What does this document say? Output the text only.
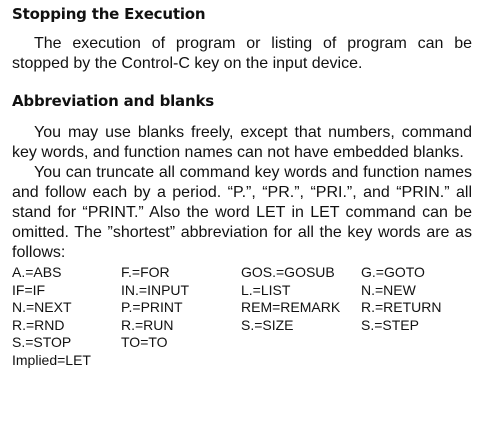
Stopping the Execution

The execution of program or listing of program can be stopped by the Control-C key on the input device.

Abbreviation and blanks

You may use blanks freely, except that numbers, command key words, and function names can not have embedded blanks.

You can truncate all command key words and function names and follow each by a period. “P.”, “PR.”, “PRI.”, and “PRIN.” all stand for “PRINT.” Also the word LET in LET command can be omitted. The ”shortest” abbreviation for all the key words are as follows:

A.=ABS	F.=FOR	GOS.=GOSUB	G.=GOTO
IF=IF	IN.=INPUT	L.=LIST	N.=NEW
N.=NEXT	P.=PRINT	REM=REMARK	R.=RETURN
R.=RND	R.=RUN	S.=SIZE	S.=STEP
S.=STOP	TO=TO
Implied=LET
